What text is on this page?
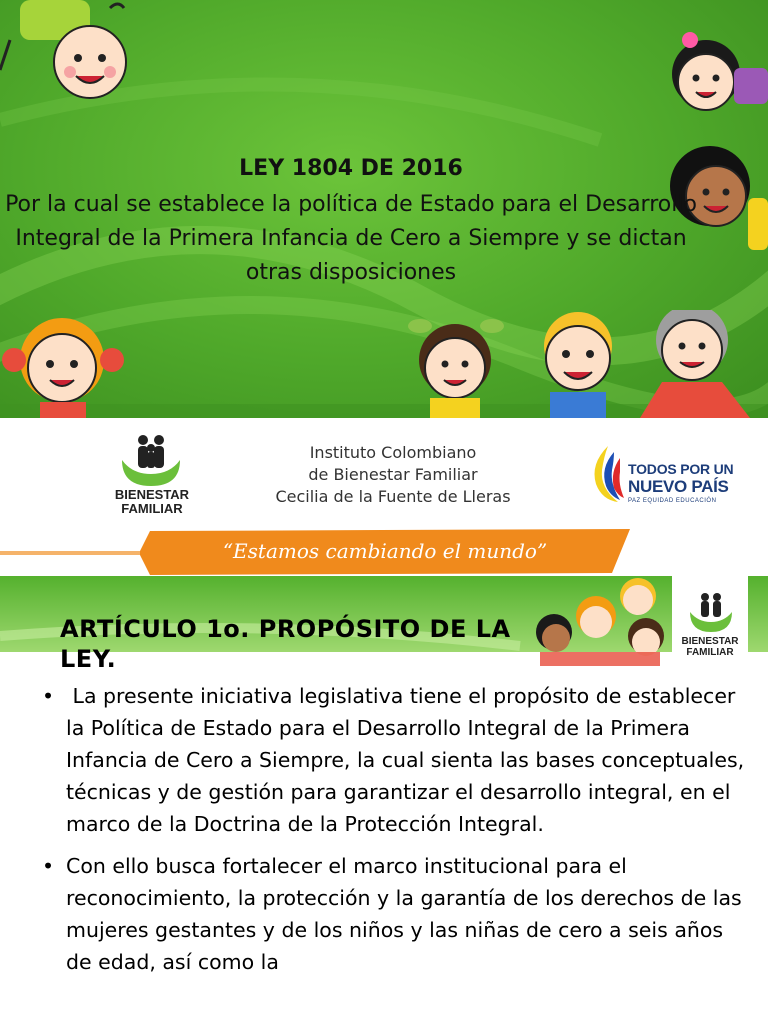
LEY 1804 DE 2016
Por la cual se establece la política de Estado para el Desarrollo Integral de la Primera Infancia de Cero a Siempre y se dictan otras disposiciones
BIENESTAR
FAMILIAR
Instituto Colombiano
de Bienestar Familiar
Cecilia de la Fuente de Lleras
TODOS POR UN
NUEVO PAÍS
PAZ EQUIDAD EDUCACIÓN
“Estamos cambiando el mundo”
BIENESTAR
FAMILIAR
ARTÍCULO 1o. PROPÓSITO DE LA LEY.
• La presente iniciativa legislativa tiene el propósito de establecer la Política de Estado para el Desarrollo Integral de la Primera Infancia de Cero a Siempre, la cual sienta las bases conceptuales, técnicas y de gestión para garantizar el desarrollo integral, en el marco de la Doctrina de la Protección Integral.
• Con ello busca fortalecer el marco institucional para el reconocimiento, la protección y la garantía de los derechos de las mujeres gestantes y de los niños y las niñas de cero a seis años de edad, así como la
